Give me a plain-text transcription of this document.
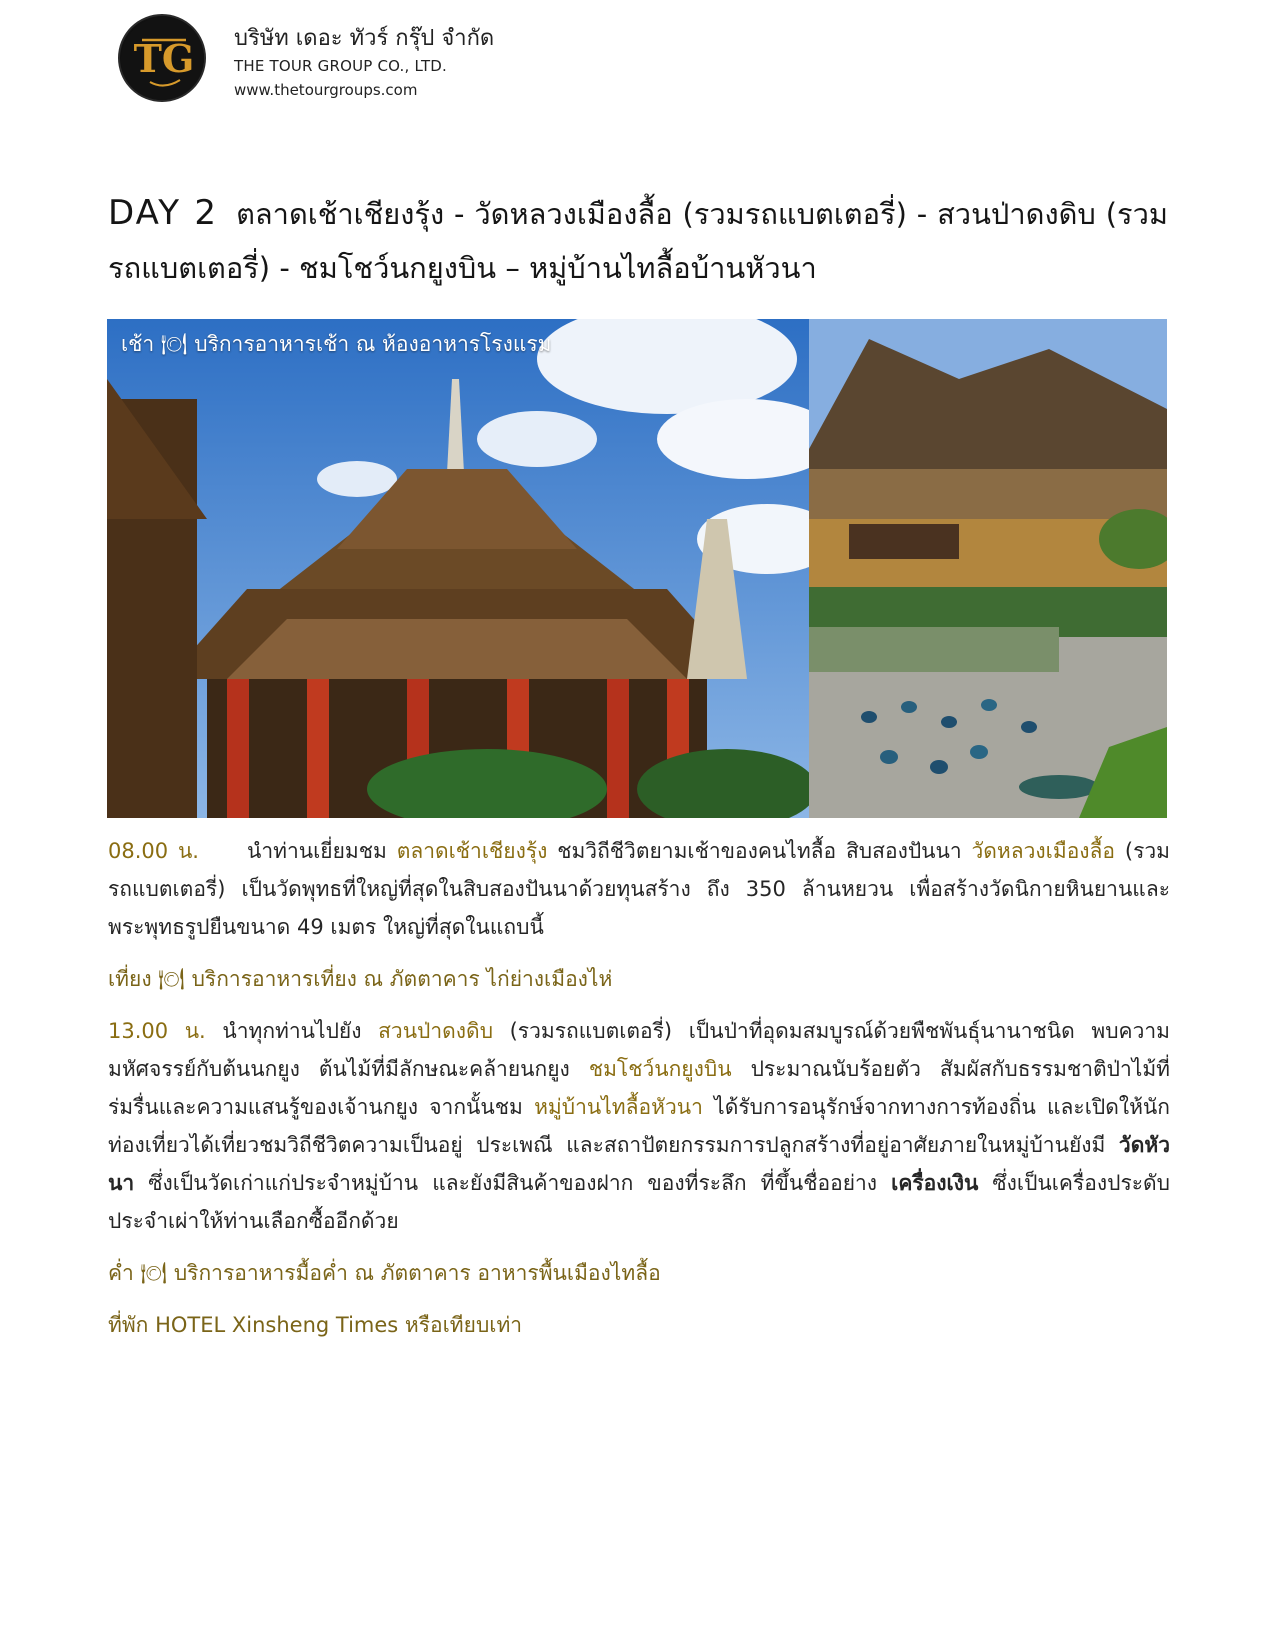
TG บริษัท เดอะ ทัวร์ กรุ๊ป จำกัด
THE TOUR GROUP CO., LTD.
www.thetourgroups.com
DAY 2 ตลาดเช้าเชียงรุ้ง - วัดหลวงเมืองลื้อ (รวมรถแบตเตอรี่) - สวนป่าดงดิบ (รวมรถแบตเตอรี่) - ชมโชว์นกยูงบิน – หมู่บ้านไทลื้อบ้านหัวนา
เช้า 🍽 บริการอาหารเช้า ณ ห้องอาหารโรงแรม
08.00 น. นำท่านเยี่ยมชม ตลาดเช้าเชียงรุ้ง ชมวิถีชีวิตยามเช้าของคนไทลื้อ สิบสองปันนา วัดหลวงเมืองลื้อ (รวมรถแบตเตอรี่) เป็นวัดพุทธที่ใหญ่ที่สุดในสิบสองปันนาด้วยทุนสร้าง ถึง 350 ล้านหยวน เพื่อสร้างวัดนิกายหินยานและพระพุทธรูปยืนขนาด 49 เมตร ใหญ่ที่สุดในแถบนี้
เที่ยง 🍽 บริการอาหารเที่ยง ณ ภัตตาคาร ไก่ย่างเมืองไห่
13.00 น. นำทุกท่านไปยัง สวนป่าดงดิบ (รวมรถแบตเตอรี่) เป็นป่าที่อุดมสมบูรณ์ด้วยพืชพันธุ์นานาชนิด พบความมหัศจรรย์กับต้นนกยูง ต้นไม้ที่มีลักษณะคล้ายนกยูง ชมโชว์นกยูงบิน ประมาณนับร้อยตัว สัมผัสกับธรรมชาติป่าไม้ที่ร่มรื่นและความแสนรู้ของเจ้านกยูง จากนั้นชม หมู่บ้านไทลื้อหัวนา ได้รับการอนุรักษ์จากทางการท้องถิ่น และเปิดให้นักท่องเที่ยวได้เที่ยวชมวิถีชีวิตความเป็นอยู่ ประเพณี และสถาปัตยกรรมการปลูกสร้างที่อยู่อาศัยภายในหมู่บ้านยังมี วัดหัวนา ซึ่งเป็นวัดเก่าแก่ประจำหมู่บ้าน และยังมีสินค้าของฝาก ของที่ระลึก ที่ขึ้นชื่ออย่าง เครื่องเงิน ซึ่งเป็นเครื่องประดับประจำเผ่าให้ท่านเลือกซื้ออีกด้วย
ค่ำ 🍽 บริการอาหารมื้อค่ำ ณ ภัตตาคาร อาหารพื้นเมืองไทลื้อ
ที่พัก HOTEL Xinsheng Times หรือเทียบเท่า
